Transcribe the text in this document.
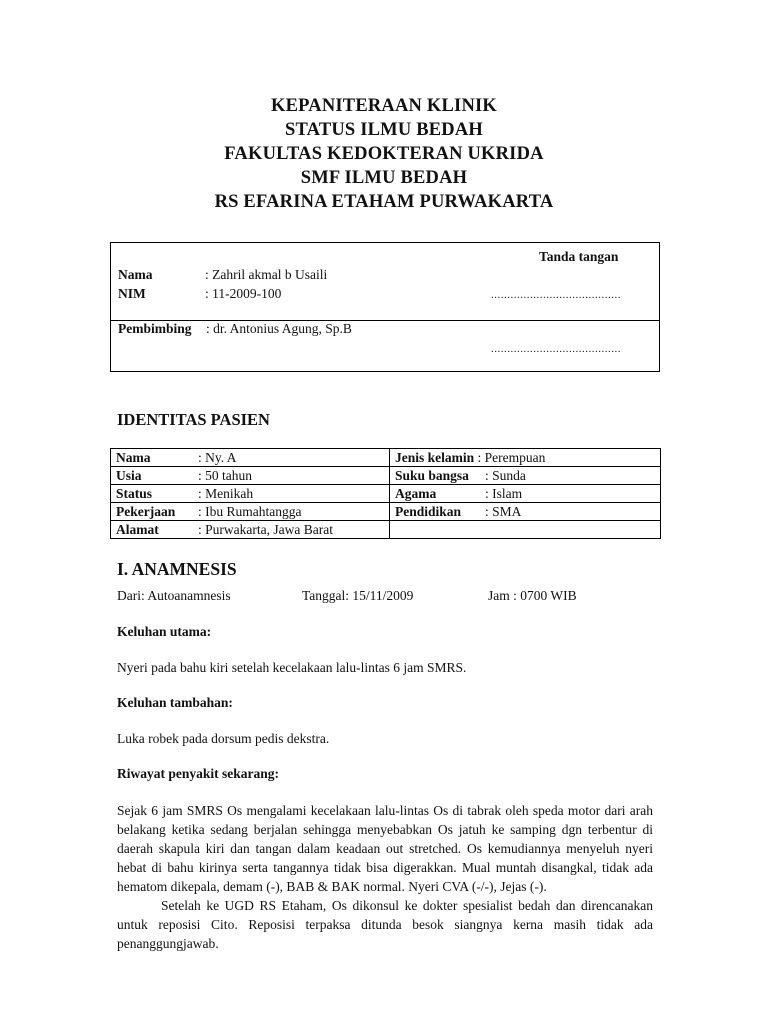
KEPANITERAAN KLINIK
STATUS ILMU BEDAH
FAKULTAS KEDOKTERAN UKRIDA
SMF ILMU BEDAH
RS EFARINA ETAHAM PURWAKARTA
Tanda tangan
Nama	: Zahril akmal b Usaili
NIM	: 11-2009-100	........................................
Pembimbing : dr. Antonius Agung, Sp.B
........................................
IDENTITAS PASIEN
Nama : Ny. A	Jenis kelamin : Perempuan
Usia : 50 tahun	Suku bangsa : Sunda
Status : Menikah	Agama : Islam
Pekerjaan : Ibu Rumahtangga	Pendidikan : SMA
Alamat : Purwakarta, Jawa Barat	
I. ANAMNESIS
Dari: Autoanamnesis	Tanggal: 15/11/2009	Jam : 0700 WIB
Keluhan utama:
Nyeri pada bahu kiri setelah kecelakaan lalu-lintas 6 jam SMRS.
Keluhan tambahan:
Luka robek pada dorsum pedis dekstra.
Riwayat penyakit sekarang:

Sejak 6 jam SMRS Os mengalami kecelakaan lalu-lintas Os di tabrak oleh speda motor dari arah belakang ketika sedang berjalan sehingga menyebabkan Os jatuh ke samping dgn terbentur di daerah skapula kiri dan tangan dalam keadaan out stretched. Os kemudiannya menyeluh nyeri hebat di bahu kirinya serta tangannya tidak bisa digerakkan. Mual muntah disangkal, tidak ada hematom dikepala, demam (-), BAB & BAK normal. Nyeri CVA (-/-), Jejas (-).

Setelah ke UGD RS Etaham, Os dikonsul ke dokter spesialist bedah dan direncanakan untuk reposisi Cito. Reposisi terpaksa ditunda besok siangnya kerna masih tidak ada penanggungjawab.
